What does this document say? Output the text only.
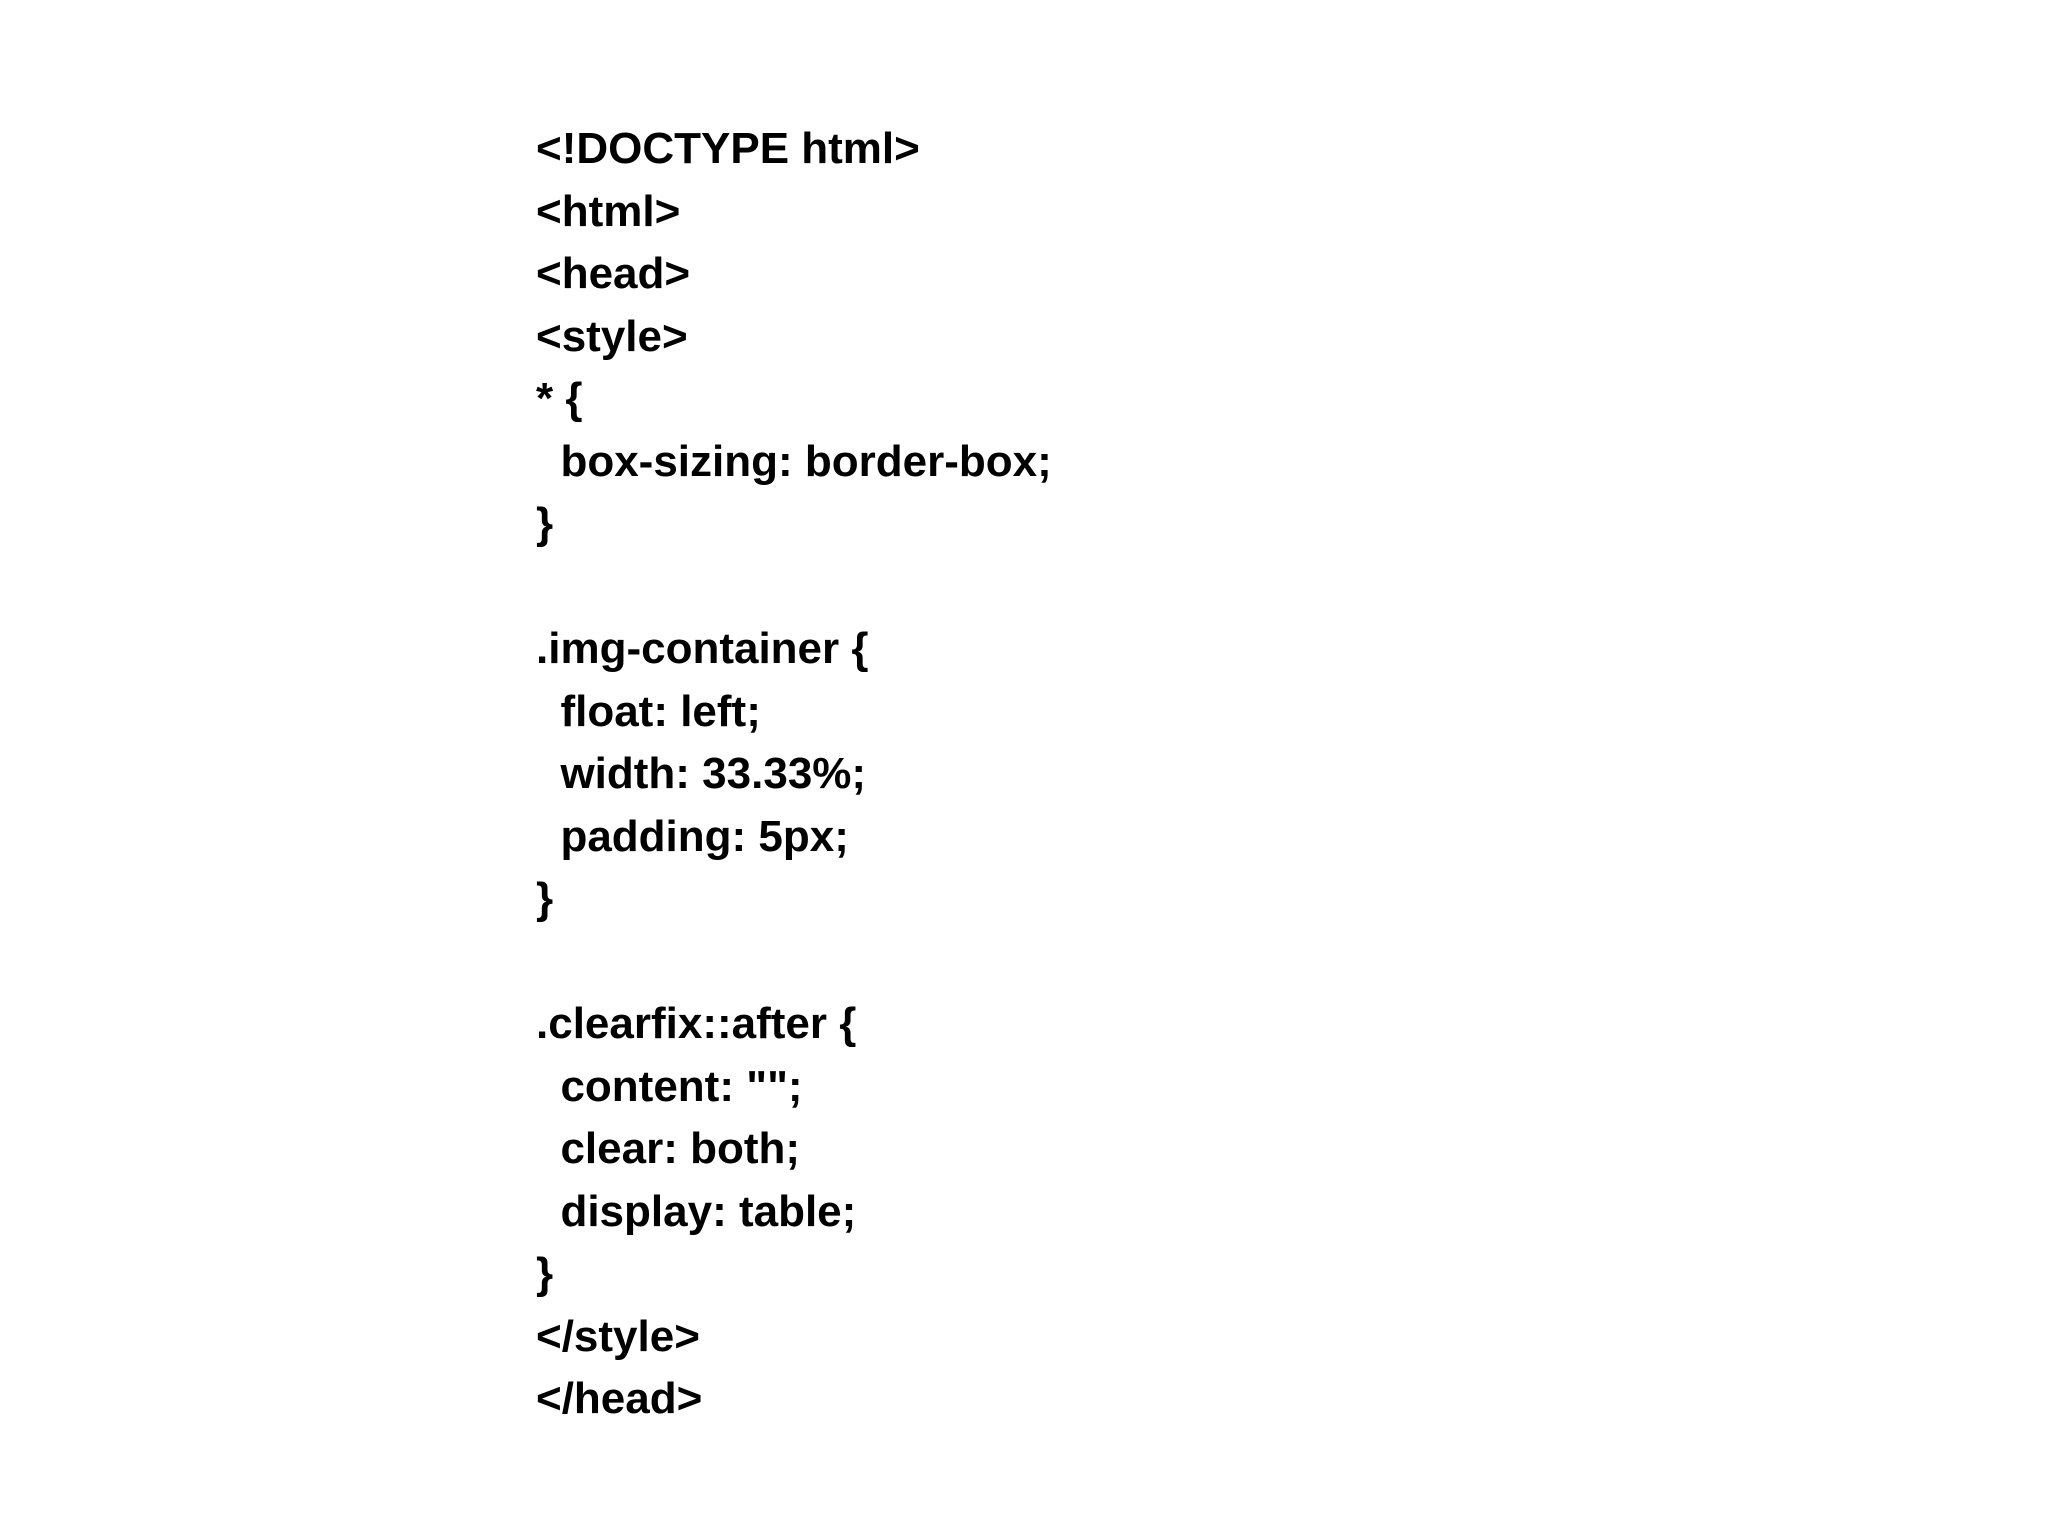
<!DOCTYPE html>
<html>
<head>
<style>
* {
box-sizing: border-box;
}
.img-container {
float: left;
width: 33.33%;
padding: 5px;
}
.clearfix::after {
content: "";
clear: both;
display: table;
}
</style>
</head>
